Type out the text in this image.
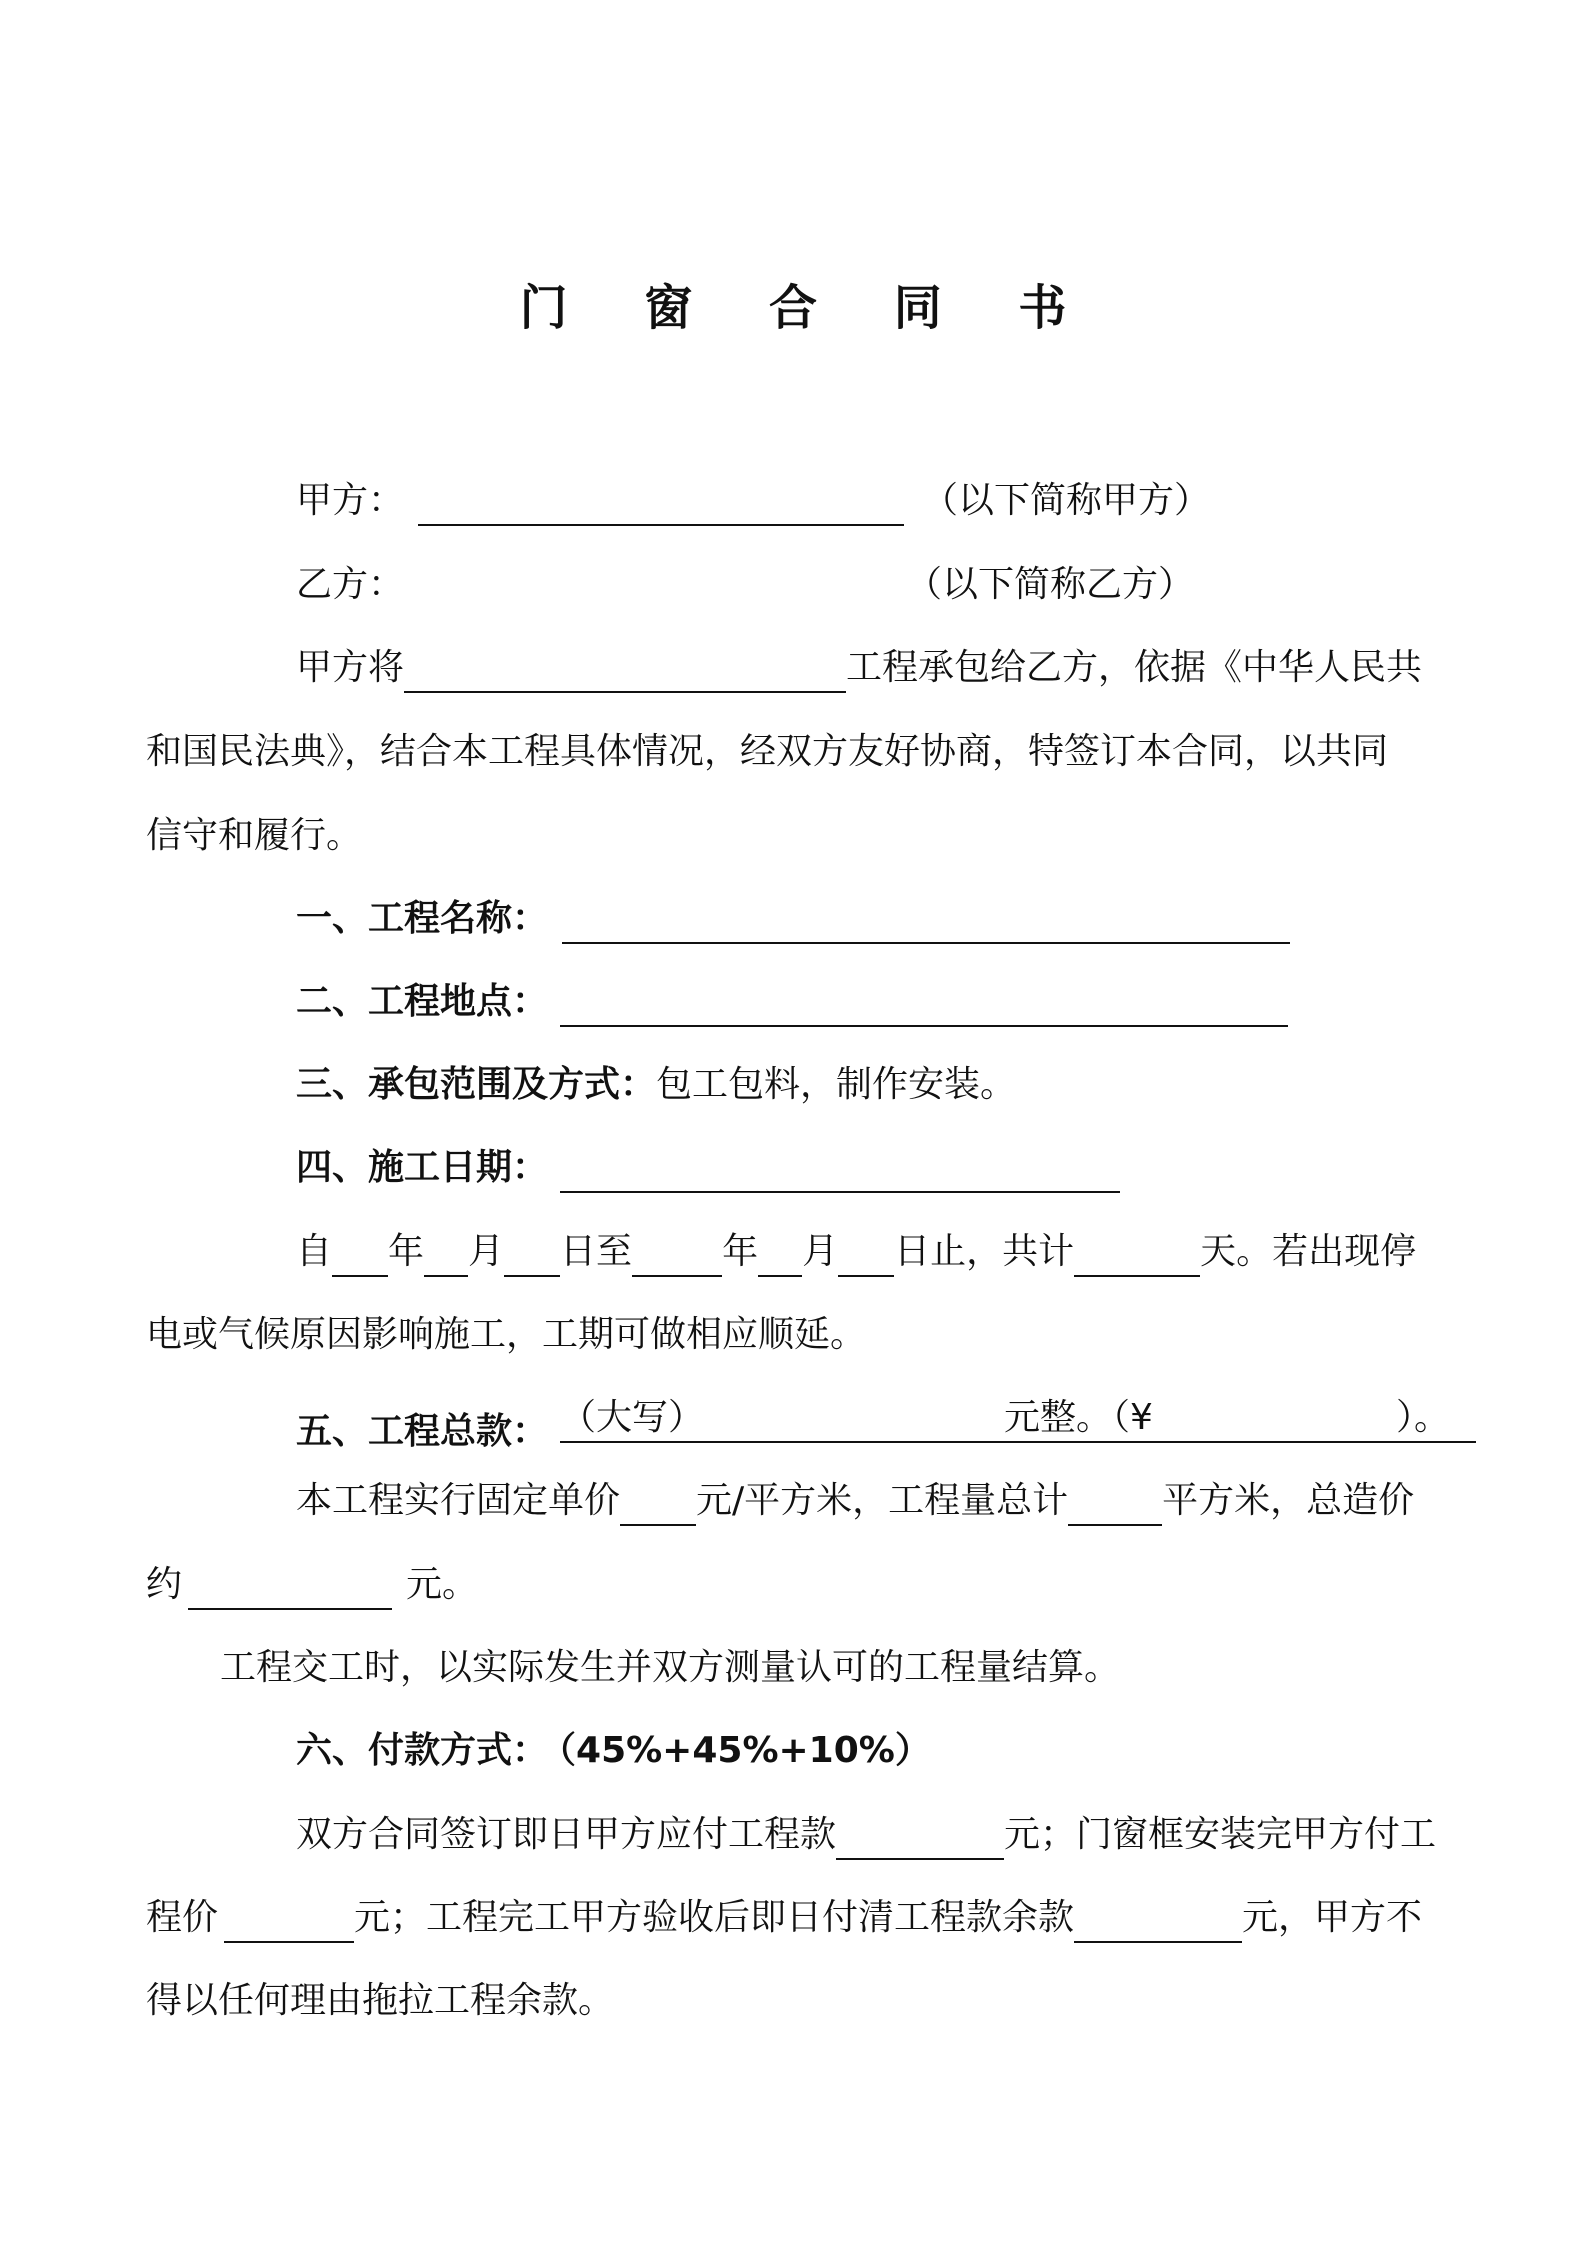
门 窗 合 同 书
甲方：	（以下简称甲方）
乙方：	（以下简称乙方）
甲方将	工程承包给乙方，依据《中华人民共
和国民法典》，结合本工程具体情况，经双方友好协商，特签订本合同，以共同
信守和履行。
一、工程名称：
二、工程地点：
三、承包范围及方式：包工包料，制作安装。
四、施工日期：
自 年 月 日至	年 月 日止，共计	天。若出现停
电或气候原因影响施工，工期可做相应顺延。
五、工程总款： （大写）	元整。（¥	）。
本工程实行固定单价 元/平方米，工程量总计	平方米，总造价
约	元。
工程交工时，以实际发生并双方测量认可的工程量结算。
六、付款方式： （45%+45%+10%）
双方合同签订即日甲方应付工程款	元；门窗框安装完甲方付工
程价	元；工程完工甲方验收后即日付清工程款余款	元，甲方不
得以任何理由拖拉工程余款。
